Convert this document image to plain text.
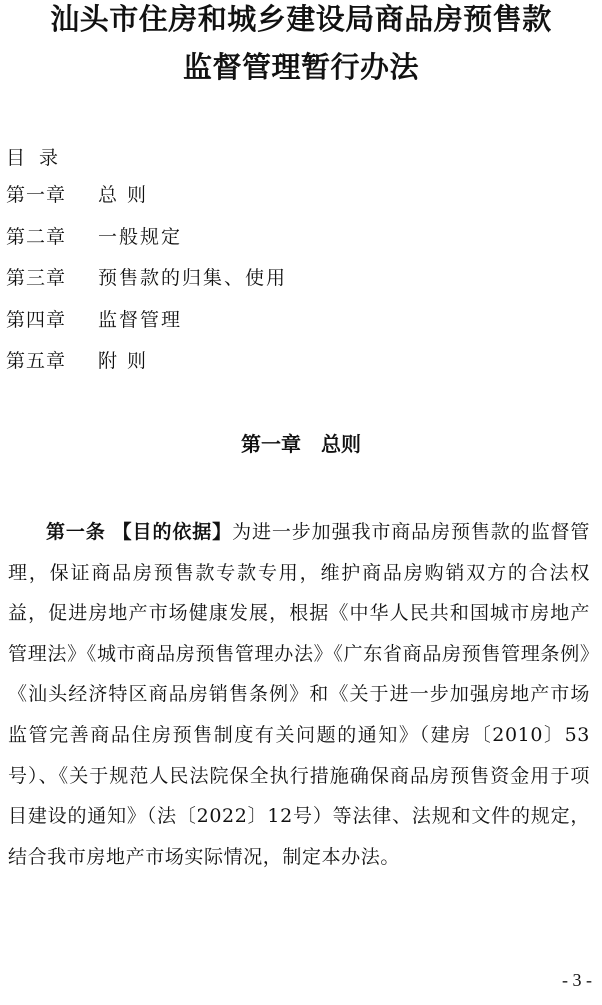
汕头市住房和城乡建设局商品房预售款
监督管理暂行办法
目录
第一章 总 则
第二章 一般规定
第三章 预售款的归集、使用
第四章 监督管理
第五章 附 则
第一章 总则
第一条 【目的依据】为进一步加强我市商品房预售款的监督管理，保证商品房预售款专款专用，维护商品房购销双方的合法权益，促进房地产市场健康发展，根据《中华人民共和国城市房地产管理法》《城市商品房预售管理办法》《广东省商品房预售管理条例》《汕头经济特区商品房销售条例》和《关于进一步加强房地产市场监管完善商品住房预售制度有关问题的通知》（建房〔2010〕53号）、《关于规范人民法院保全执行措施确保商品房预售资金用于项目建设的通知》（法〔2022〕12号）等法律、法规和文件的规定，结合我市房地产市场实际情况，制定本办法。
- 3 -
